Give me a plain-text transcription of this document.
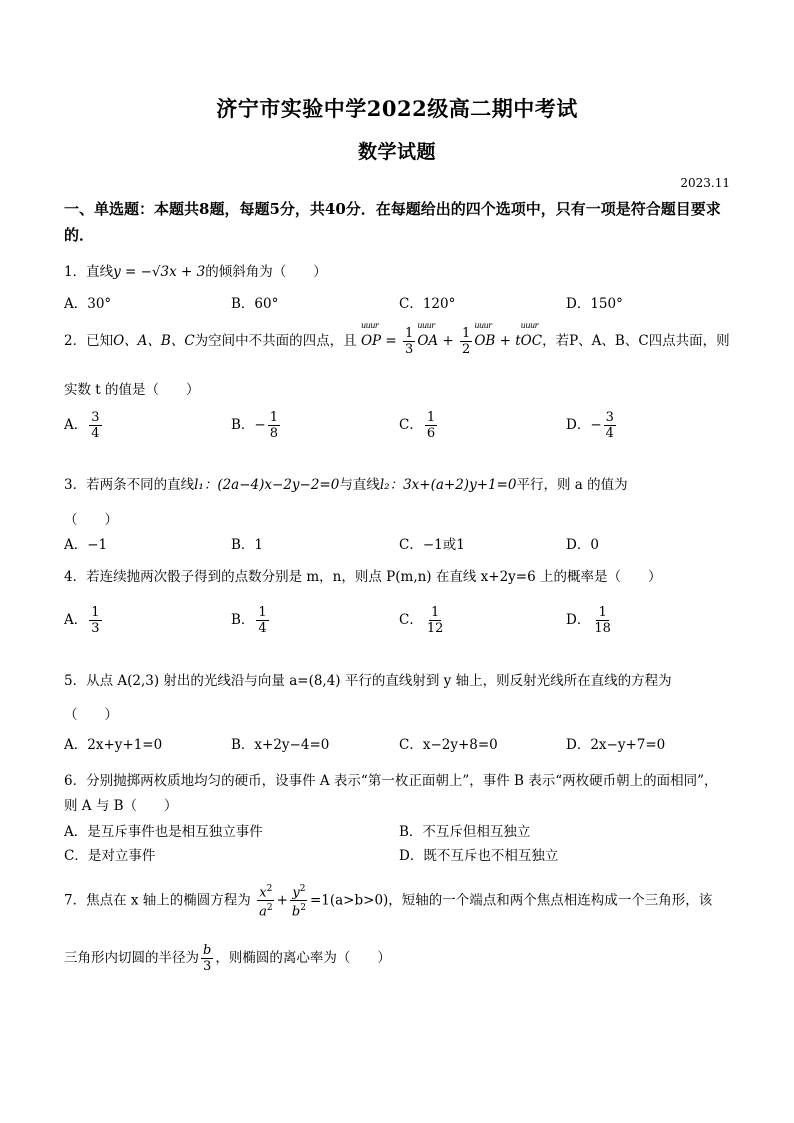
济宁市实验中学2022级高二期中考试
数学试题
2023.11
一、单选题：本题共8题，每题5分，共40分．在每题给出的四个选项中，只有一项是符合题目要求的．
1．直线y = −√3x + 3的倾斜角为（　　）
A．30°	B．60°	C．120°	D．150°
2．已知O、A、B、C为空间中不共面的四点，且 uuur OP = $\frac{1}{3}$ uuur OA + $\frac{1}{2}$ uuur OB + tuuur OC，若P、A、B、C四点共面，则
实数 t 的值是（　　）
A． $\frac{3}{4}$	B．− $\frac{1}{8}$	C． $\frac{1}{6}$	D．− $\frac{3}{4}$
3．若两条不同的直线l₁：(2a−4)x−2y−2=0与直线l₂：3x+(a+2)y+1=0平行，则 a 的值为
（　　）
A．−1	B．1	C．−1或1	D．0
4．若连续抛两次骰子得到的点数分别是 m，n，则点 P(m,n) 在直线 x+2y=6 上的概率是（　　）
A． $\frac{1}{3}$	B． $\frac{1}{4}$	C． $\frac{1}{12}$	D． $\frac{1}{18}$
5．从点 A(2,3) 射出的光线沿与向量 a=(8,4) 平行的直线射到 y 轴上，则反射光线所在直线的方程为
（　　）
A．2x+y+1=0	B．x+2y−4=0	C．x−2y+8=0	D．2x−y+7=0
6．分别抛掷两枚质地均匀的硬币，设事件 A 表示“第一枚正面朝上”，事件 B 表示“两枚硬币朝上的面相同”，
则 A 与 B（　　）
A．是互斥事件也是相互独立事件	B．不互斥但相互独立
C．是对立事件	D．既不互斥也不相互独立
7．焦点在 x 轴上的椭圆方程为 $\frac{x^2}{a^2} + \frac{y^2}{b^2} =1(a>b>0)$，短轴的一个端点和两个焦点相连构成一个三角形，该
三角形内切圆的半径为 $\frac{b}{3}$ ，则椭圆的离心率为（　　）
